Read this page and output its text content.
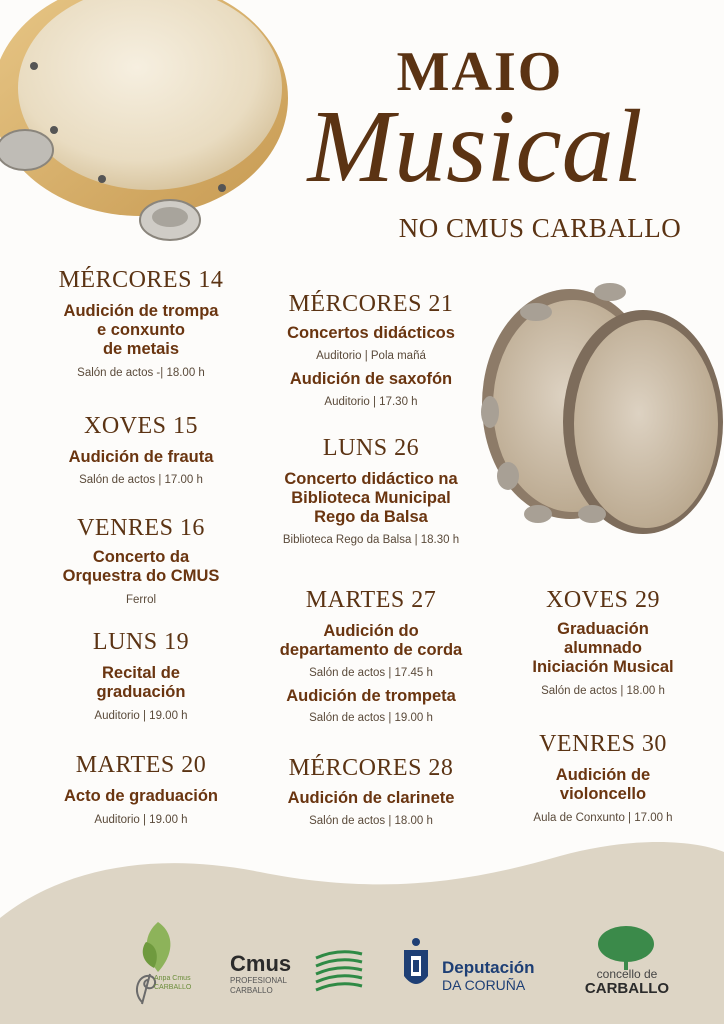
MAIO
Musical
NO CMUS CARBALLO
MÉRCORES 14
Audición de trompa
e conxunto
de metais
Salón de actos -| 18.00 h
XOVES 15
Audición de frauta
Salón de actos | 17.00 h
VENRES 16
Concerto da
Orquestra do CMUS
Ferrol
LUNS 19
Recital de
graduación
Auditorio | 19.00 h
MARTES 20
Acto de graduación
Auditorio | 19.00 h
MÉRCORES 21
Concertos didácticos
Auditorio | Pola mañá
Audición de saxofón
Auditorio | 17.30 h
LUNS 26
Concerto didáctico na
Biblioteca Municipal
Rego da Balsa
Biblioteca Rego da Balsa | 18.30 h
MARTES 27
Audición do
departamento de corda
Salón de actos | 17.45 h
Audición de trompeta
Salón de actos | 19.00 h
MÉRCORES 28
Audición de clarinete
Salón de actos | 18.00 h
XOVES 29
Graduación
alumnado
Iniciación Musical
Salón de actos | 18.00 h
VENRES 30
Audición de
violoncello
Aula de Conxunto | 17.00 h
Anpa Cmus
CARBALLO
Cmus
PROFESIONAL
CARBALLO
Deputación
DA CORUÑA
concello de
CARBALLO
